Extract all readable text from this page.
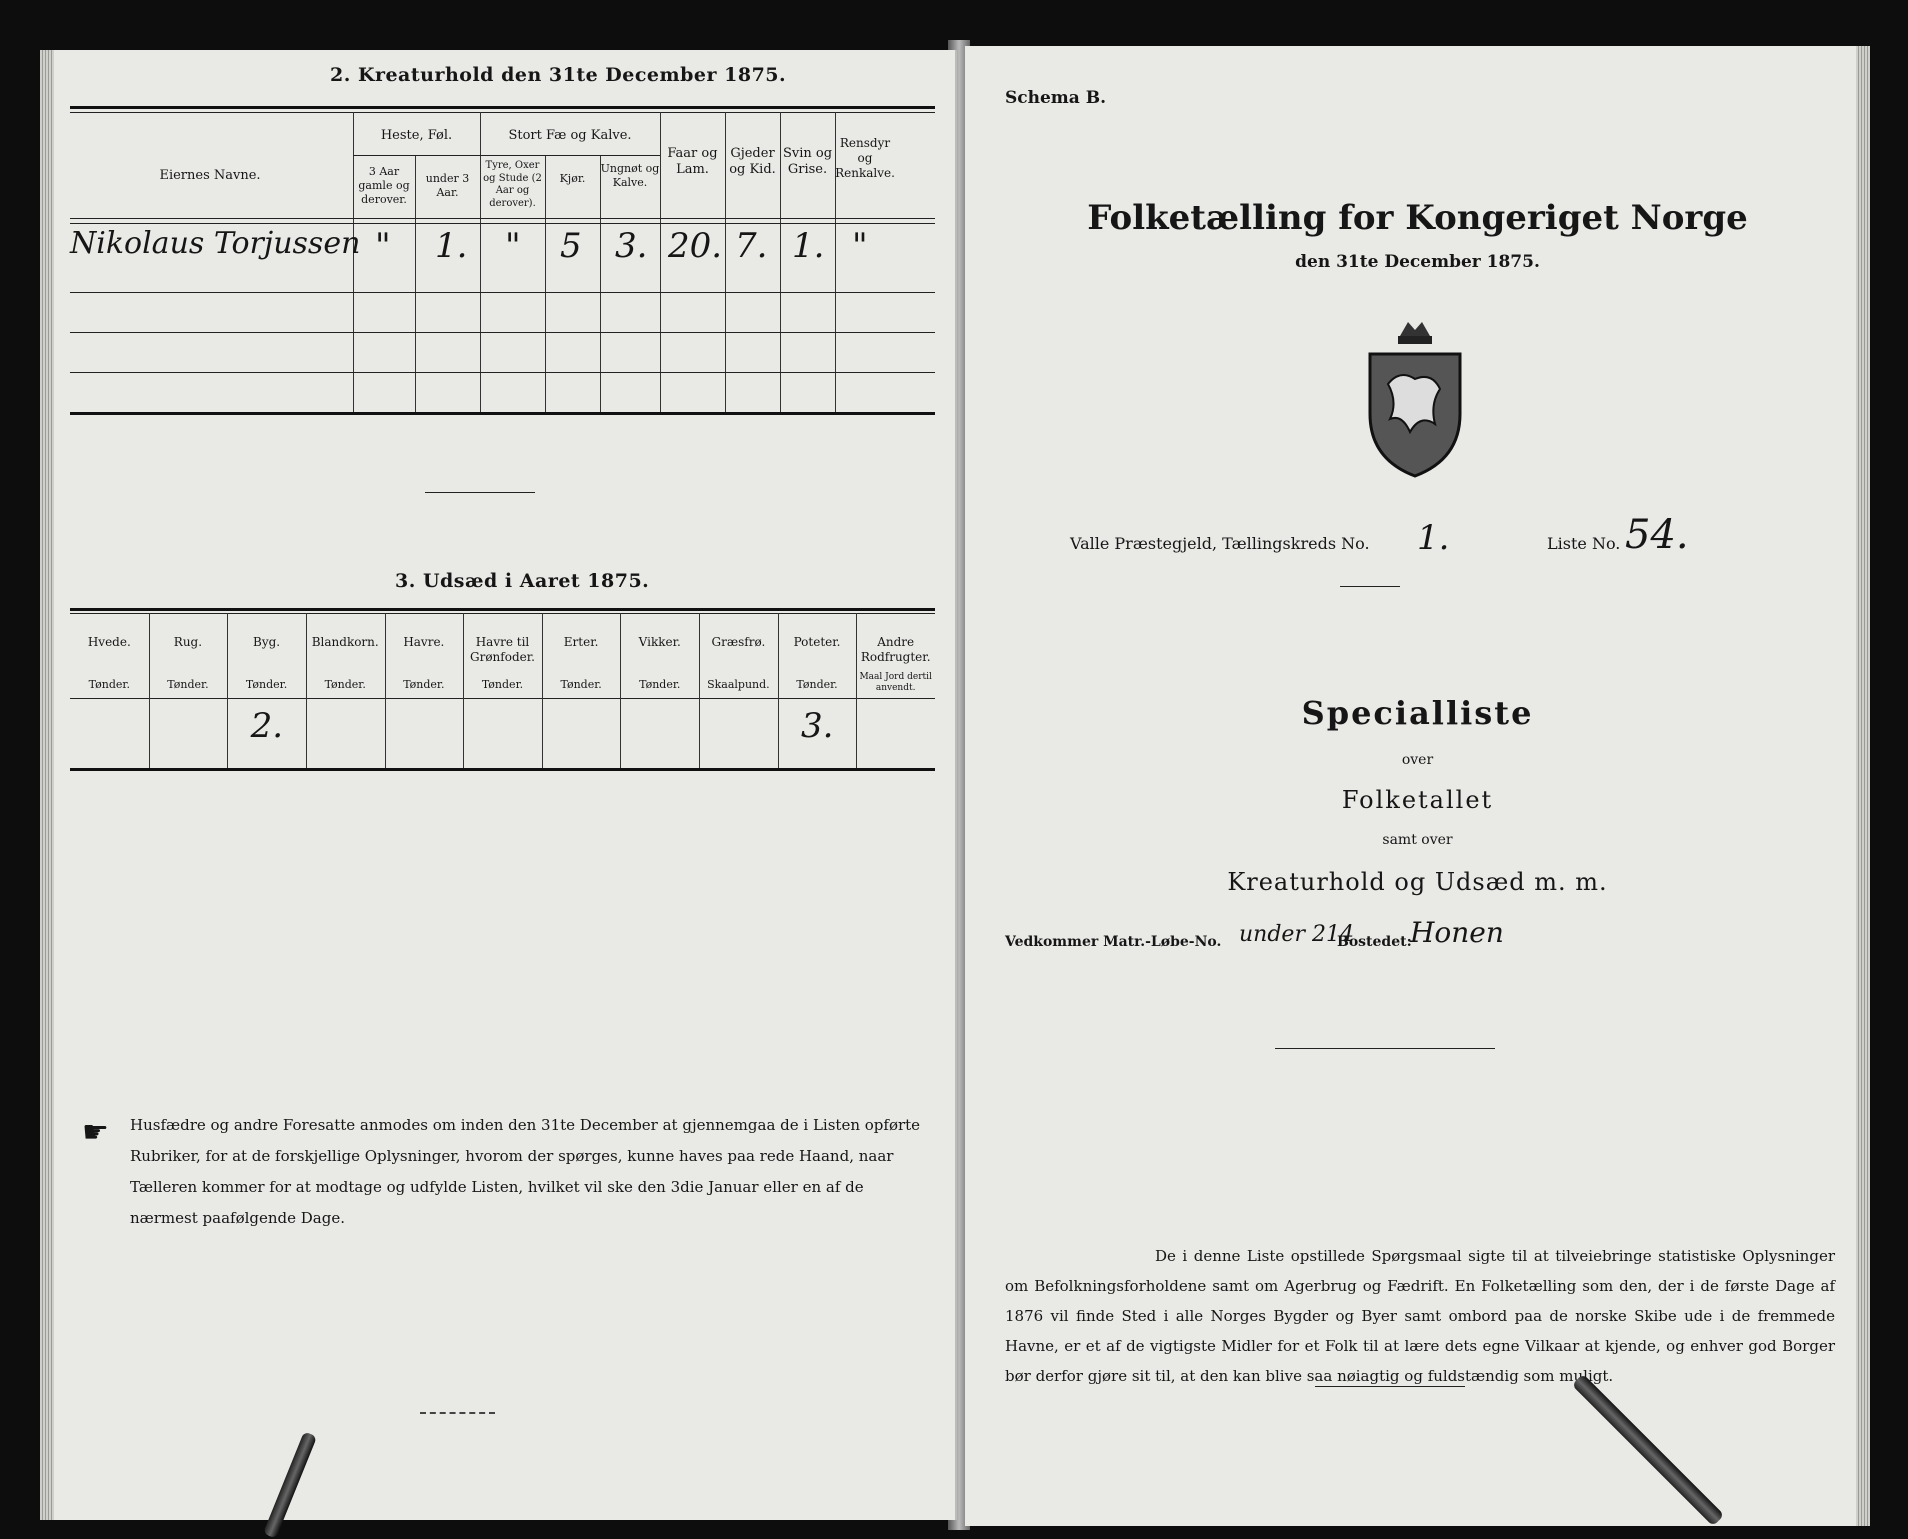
2. Kreaturhold den 31te December 1875.
Eiernes Navne.
Heste, Føl.
3 Aar gamle og derover.
under 3 Aar.
Stort Fæ og Kalve.
Tyre, Oxer og Stude (2 Aar og derover).
Kjør.
Ungnøt og Kalve.
Faar og Lam.
Gjeder og Kid.
Svin og Grise.
Rensdyr og Renkalve.
Nikolaus Torjussen " 1. " 5 3. 20. 7. 1. "
3. Udsæd i Aaret 1875.
☛ Husfædre og andre Foresatte anmodes om inden den 31te December at gjennemgaa de i Listen opførte Rubriker, for at de forskjellige Oplysninger, hvorom der spørges, kunne haves paa rede Haand, naar Tælleren kommer for at modtage og udfylde Listen, hvilket vil ske den 3die Januar eller en af de nærmest paafølgende Dage.
Hvede.
Tønder.
Rug.
Tønder.
Byg.
Tønder.
2.
Blandkorn.
Tønder.
Havre.
Tønder.
Havre til Grønfoder.
Tønder.
Erter.
Tønder.
Vikker.
Tønder.
Græsfrø.
Skaalpund.
Poteter.
Tønder.
3.
Andre Rodfrugter.
Maal Jord dertil anvendt.
Schema B.
Folketælling for Kongeriget Norge
den 31te December 1875.
Valle Præstegjeld, Tællingskreds No. 1.	Liste No. 54.
Specialliste
over
Folketallet
samt over
Kreaturhold og Udsæd m. m.
Vedkommer Matr.-Løbe-No. under 214
Bostedet:
Honen
De i denne Liste opstillede Spørgsmaal sigte til at tilveiebringe statistiske Oplysninger om Befolkningsforholdene samt om Agerbrug og Fædrift. En Folketælling som den, der i de første Dage af 1876 vil finde Sted i alle Norges Bygder og Byer samt ombord paa de norske Skibe ude i de fremmede Havne, er et af de vigtigste Midler for et Folk til at lære dets egne Vilkaar at kjende, og enhver god Borger bør derfor gjøre sit til, at den kan blive saa nøiagtig og fuldstændig som muligt.
